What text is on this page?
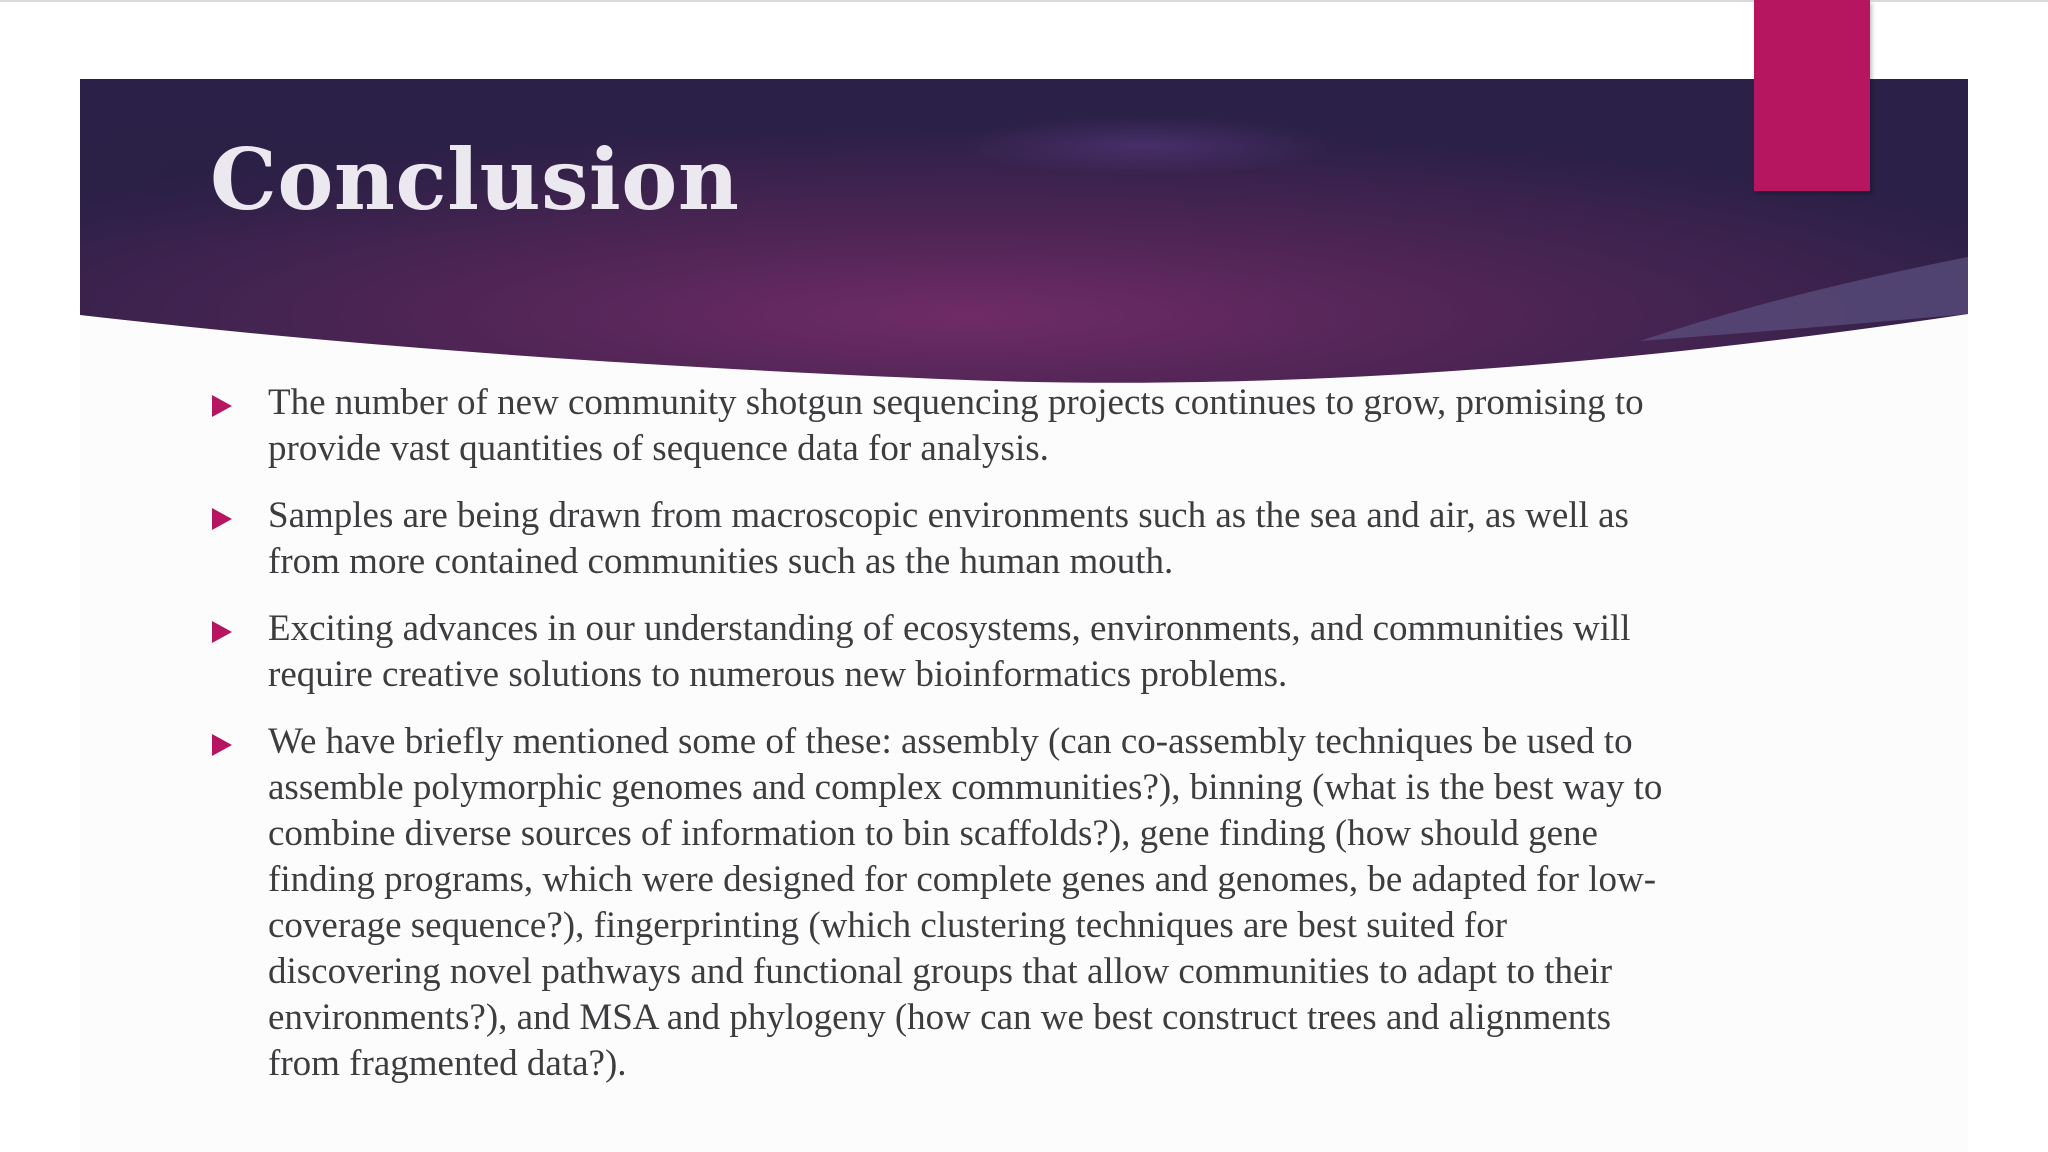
Conclusion
The number of new community shotgun sequencing projects continues to grow, promising to provide vast quantities of sequence data for analysis.
Samples are being drawn from macroscopic environments such as the sea and air, as well as from more contained communities such as the human mouth.
Exciting advances in our understanding of ecosystems, environments, and communities will require creative solutions to numerous new bioinformatics problems.
We have briefly mentioned some of these: assembly (can co-assembly techniques be used to assemble polymorphic genomes and complex communities?), binning (what is the best way to combine diverse sources of information to bin scaffolds?), gene finding (how should gene finding programs, which were designed for complete genes and genomes, be adapted for low-coverage sequence?), fingerprinting (which clustering techniques are best suited for discovering novel pathways and functional groups that allow communities to adapt to their environments?), and MSA and phylogeny (how can we best construct trees and alignments from fragmented data?).
